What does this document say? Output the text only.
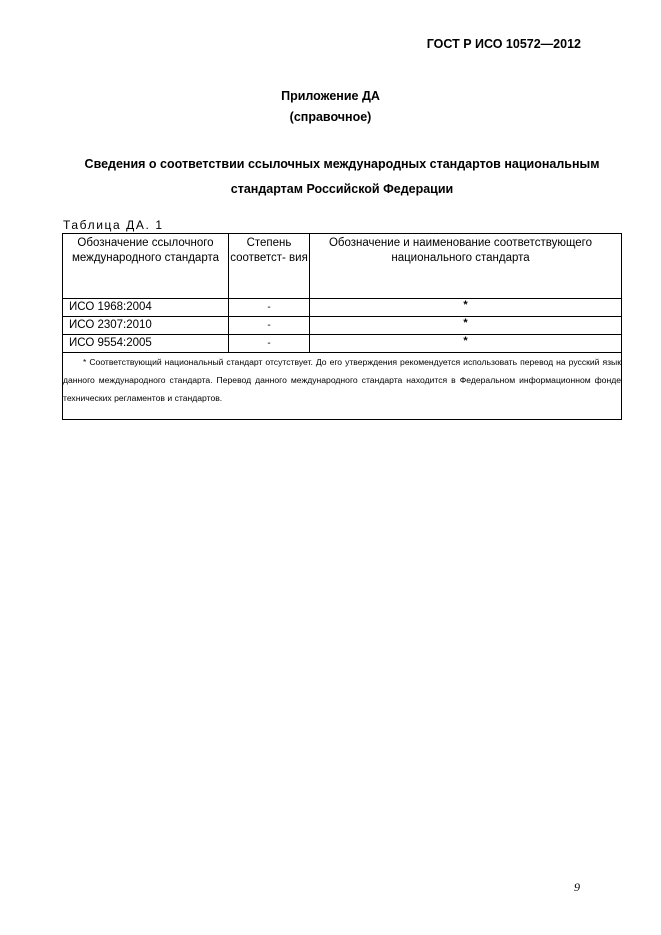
ГОСТ Р ИСО 10572—2012
Приложение ДА
(справочное)
Сведения о соответствии ссылочных международных стандартов национальным стандартам Российской Федерации
Таблица ДА. 1
Обозначение ссылочного международного стандарта	Степень соответст- вия	Обозначение и наименование соответствующего национального стандарта
ИСО 1968:2004	-	*
ИСО 2307:2010	-	*
ИСО 9554:2005	-	*
* Соответствующий национальный стандарт отсутствует. До его утверждения рекомендуется использовать перевод на русский язык данного международного стандарта. Перевод данного международного стандарта находится в Федеральном информационном фонде технических регламентов и стандартов.		
9
